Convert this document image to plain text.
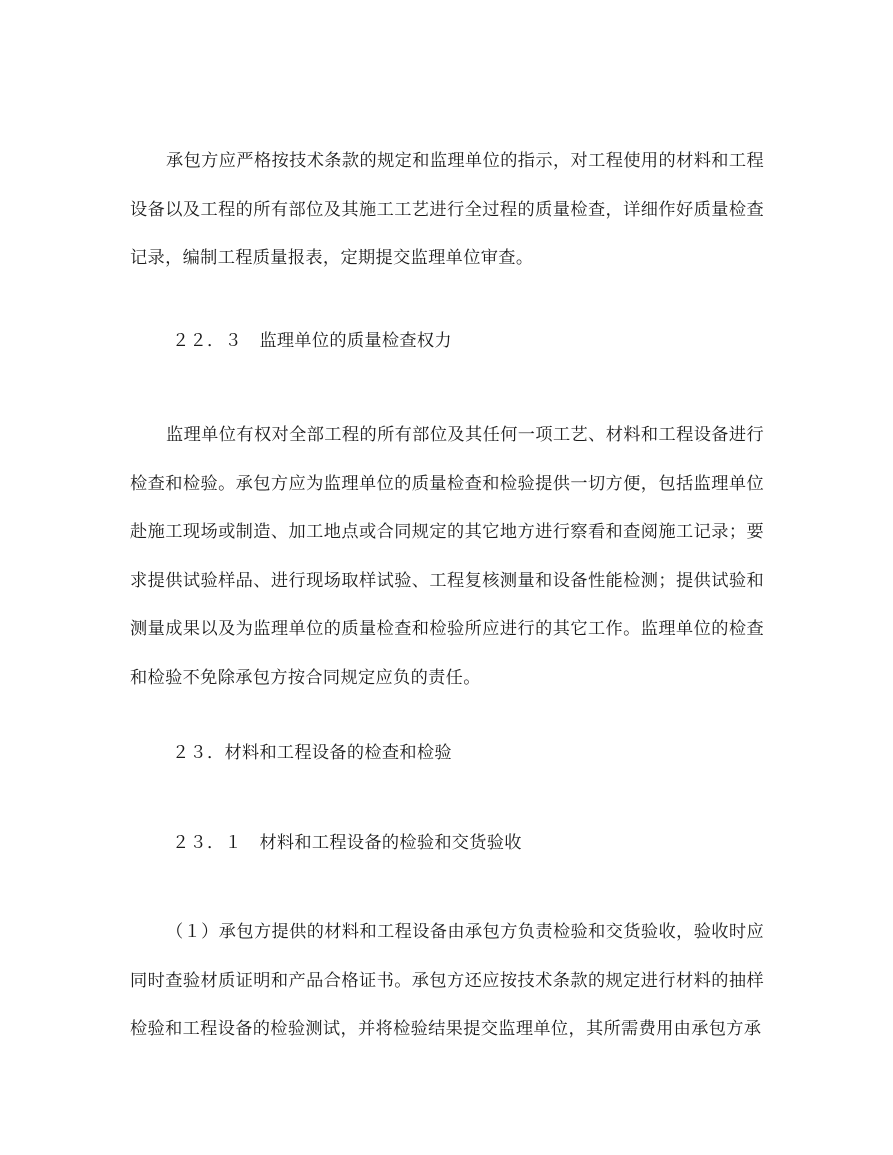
承包方应严格按技术条款的规定和监理单位的指示，对工程使用的材料和工程设备以及工程的所有部位及其施工工艺进行全过程的质量检查，详细作好质量检查记录，编制工程质量报表，定期提交监理单位审查。

２２．３　监理单位的质量检查权力

监理单位有权对全部工程的所有部位及其任何一项工艺、材料和工程设备进行检查和检验。承包方应为监理单位的质量检查和检验提供一切方便，包括监理单位赴施工现场或制造、加工地点或合同规定的其它地方进行察看和查阅施工记录；要求提供试验样品、进行现场取样试验、工程复核测量和设备性能检测；提供试验和测量成果以及为监理单位的质量检查和检验所应进行的其它工作。监理单位的检查和检验不免除承包方按合同规定应负的责任。

２３．材料和工程设备的检查和检验

２３．１　材料和工程设备的检验和交货验收

（１）承包方提供的材料和工程设备由承包方负责检验和交货验收，验收时应同时查验材质证明和产品合格证书。承包方还应按技术条款的规定进行材料的抽样检验和工程设备的检验测试，并将检验结果提交监理单位，其所需费用由承包方承
